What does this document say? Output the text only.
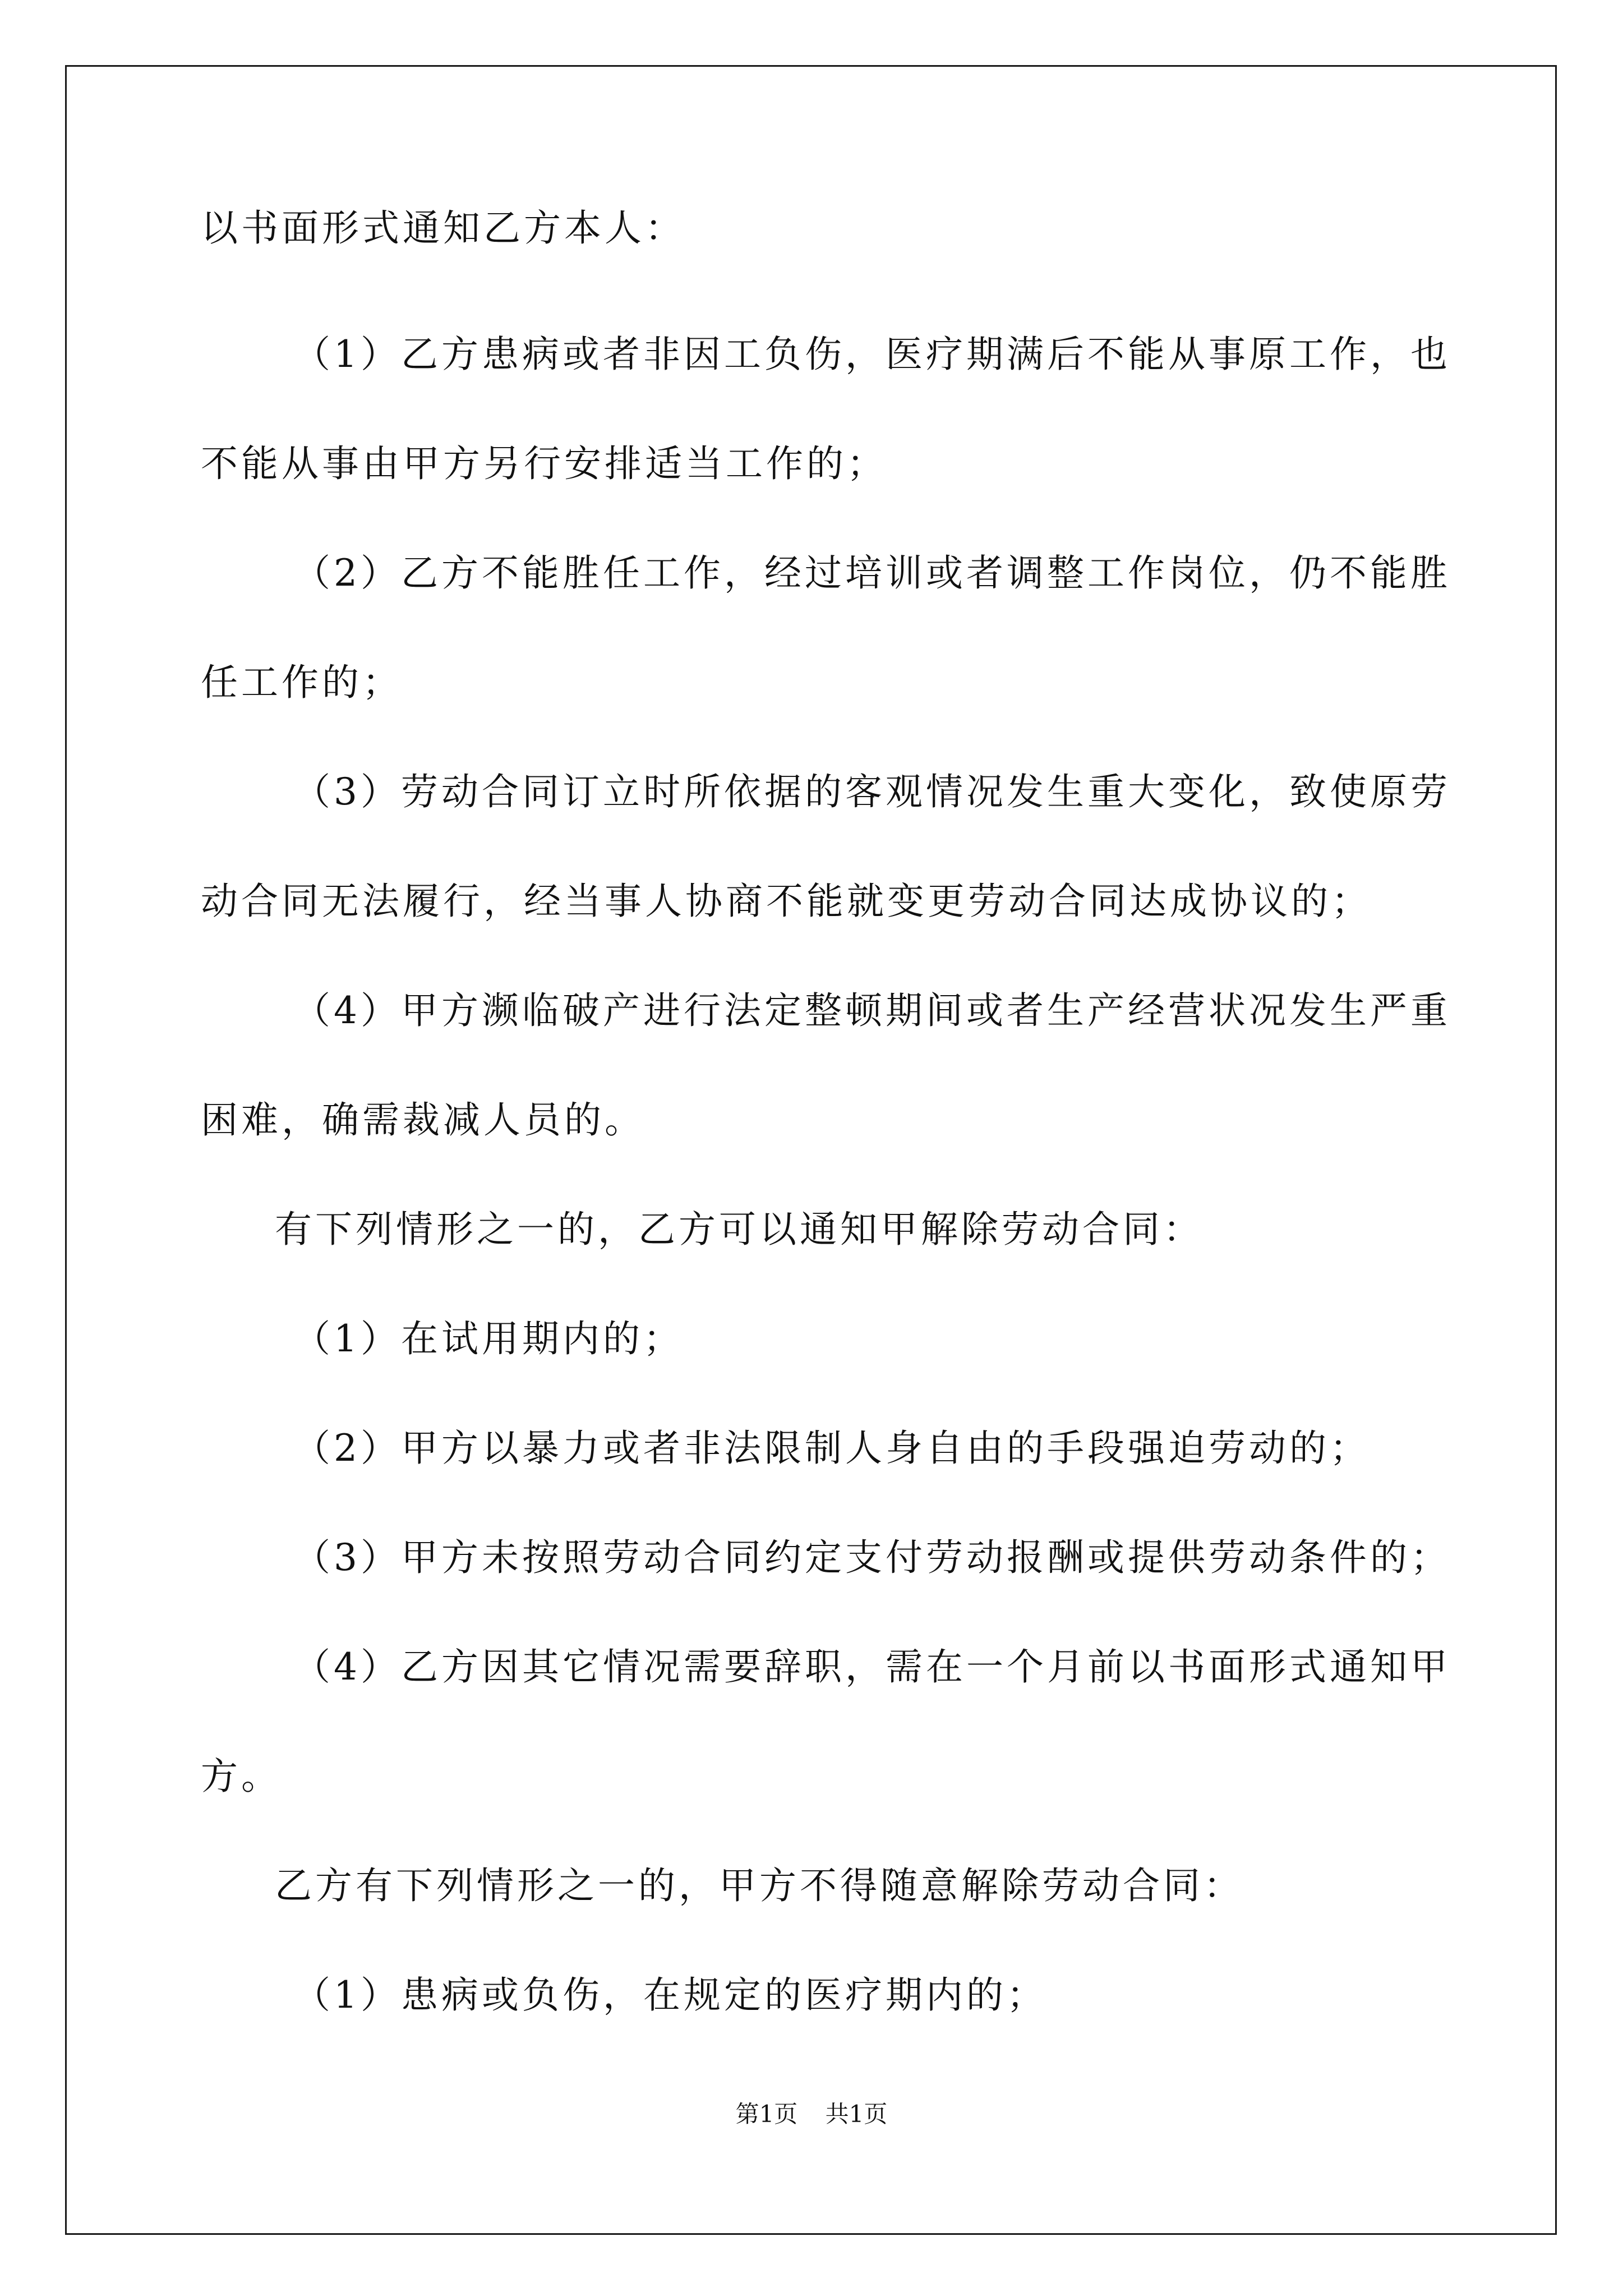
以书面形式通知乙方本人：
（1）乙方患病或者非因工负伤，医疗期满后不能从事原工作，也
不能从事由甲方另行安排适当工作的；
（2）乙方不能胜任工作，经过培训或者调整工作岗位，仍不能胜
任工作的；
（3）劳动合同订立时所依据的客观情况发生重大变化，致使原劳
动合同无法履行，经当事人协商不能就变更劳动合同达成协议的；
（4）甲方濒临破产进行法定整顿期间或者生产经营状况发生严重
困难，确需裁减人员的。
有下列情形之一的，乙方可以通知甲解除劳动合同：
（1）在试用期内的；
（2）甲方以暴力或者非法限制人身自由的手段强迫劳动的；
（3）甲方未按照劳动合同约定支付劳动报酬或提供劳动条件的；
（4）乙方因其它情况需要辞职，需在一个月前以书面形式通知甲
方。
乙方有下列情形之一的，甲方不得随意解除劳动合同：
（1）患病或负伤，在规定的医疗期内的；
第1页 共1页
